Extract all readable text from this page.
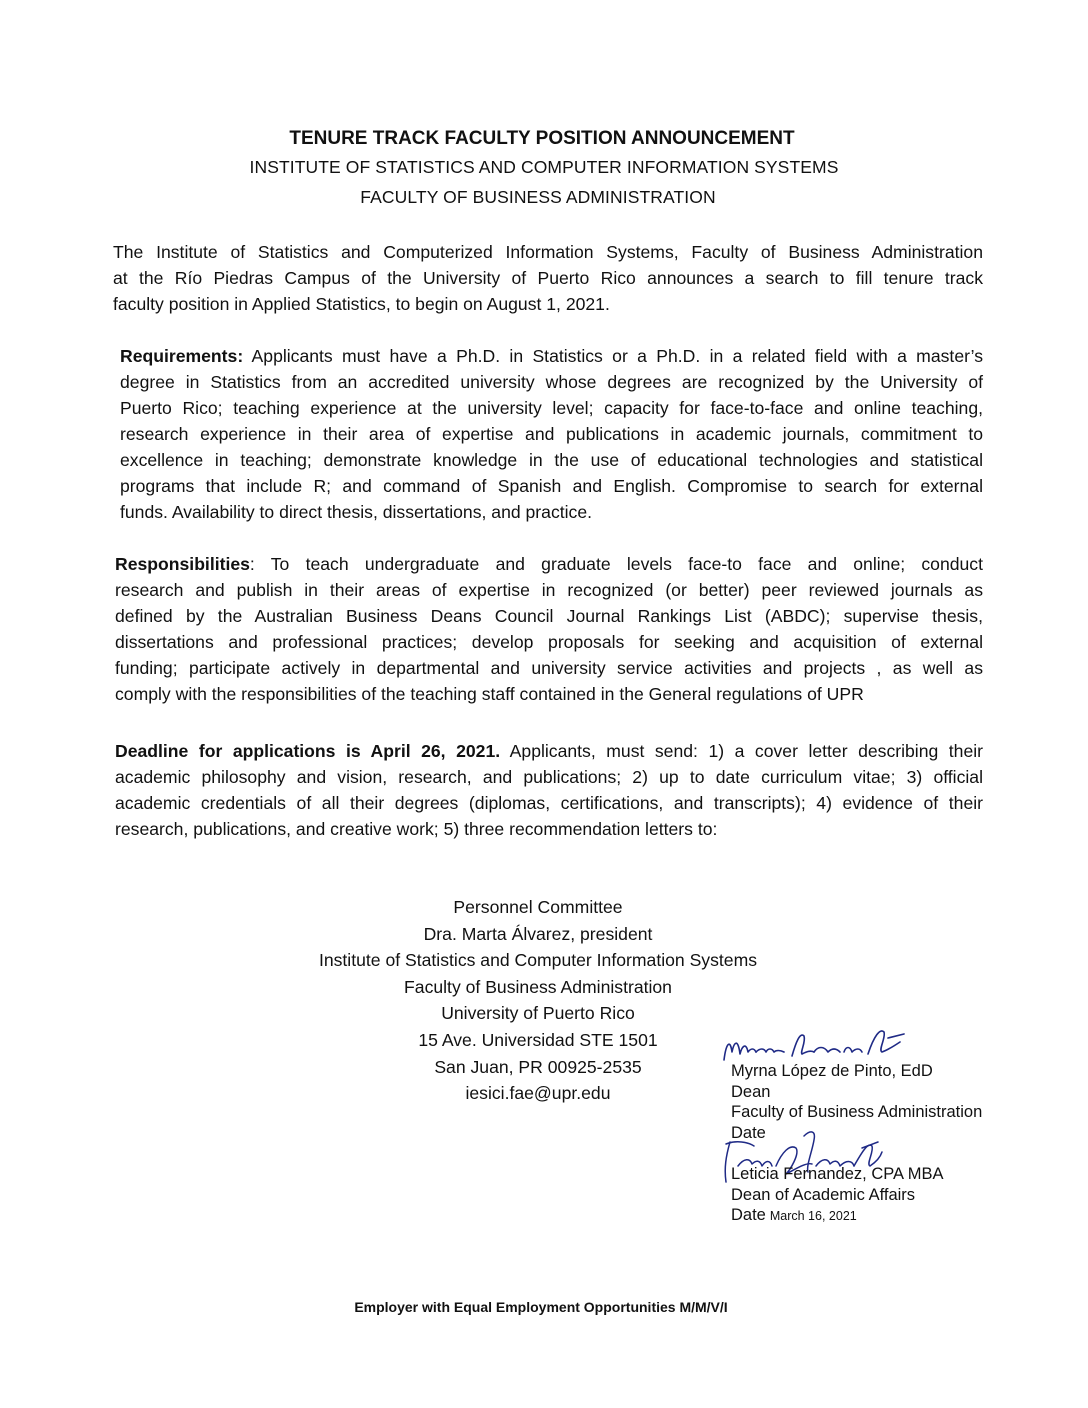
TENURE TRACK FACULTY POSITION ANNOUNCEMENT
INSTITUTE OF STATISTICS AND COMPUTER INFORMATION SYSTEMS
FACULTY OF BUSINESS ADMINISTRATION
The Institute of Statistics and Computerized Information Systems, Faculty of Business Administration
at the Río Piedras Campus of the University of Puerto Rico announces a search to fill tenure track
faculty position in Applied Statistics, to begin on August 1, 2021.
Requirements: Applicants must have a Ph.D. in Statistics or a Ph.D. in a related field with a master’s
degree in Statistics from an accredited university whose degrees are recognized by the University of
Puerto Rico; teaching experience at the university level; capacity for face-to-face and online teaching,
research experience in their area of expertise and publications in academic journals, commitment to
excellence in teaching; demonstrate knowledge in the use of educational technologies and statistical
programs that include R; and command of Spanish and English. Compromise to search for external
funds. Availability to direct thesis, dissertations, and practice.
Responsibilities: To teach undergraduate and graduate levels face-to face and online; conduct
research and publish in their areas of expertise in recognized (or better) peer reviewed journals as
defined by the Australian Business Deans Council Journal Rankings List (ABDC); supervise thesis,
dissertations and professional practices; develop proposals for seeking and acquisition of external
funding; participate actively in departmental and university service activities and projects , as well as
comply with the responsibilities of the teaching staff contained in the General regulations of UPR
Deadline for applications is April 26, 2021. Applicants, must send: 1) a cover letter describing their
academic philosophy and vision, research, and publications; 2) up to date curriculum vitae; 3) official
academic credentials of all their degrees (diplomas, certifications, and transcripts); 4) evidence of their
research, publications, and creative work; 5) three recommendation letters to:
Personnel Committee
Dra. Marta Álvarez, president
Institute of Statistics and Computer Information Systems
Faculty of Business Administration
University of Puerto Rico
15 Ave. Universidad STE 1501
San Juan, PR 00925-2535
iesici.fae@upr.edu
Myrna López de Pinto, EdD
Dean
Faculty of Business Administration
Date
Leticia Fernandez, CPA MBA
Dean of Academic Affairs
Date March 16, 2021
Employer with Equal Employment Opportunities M/M/V/I
